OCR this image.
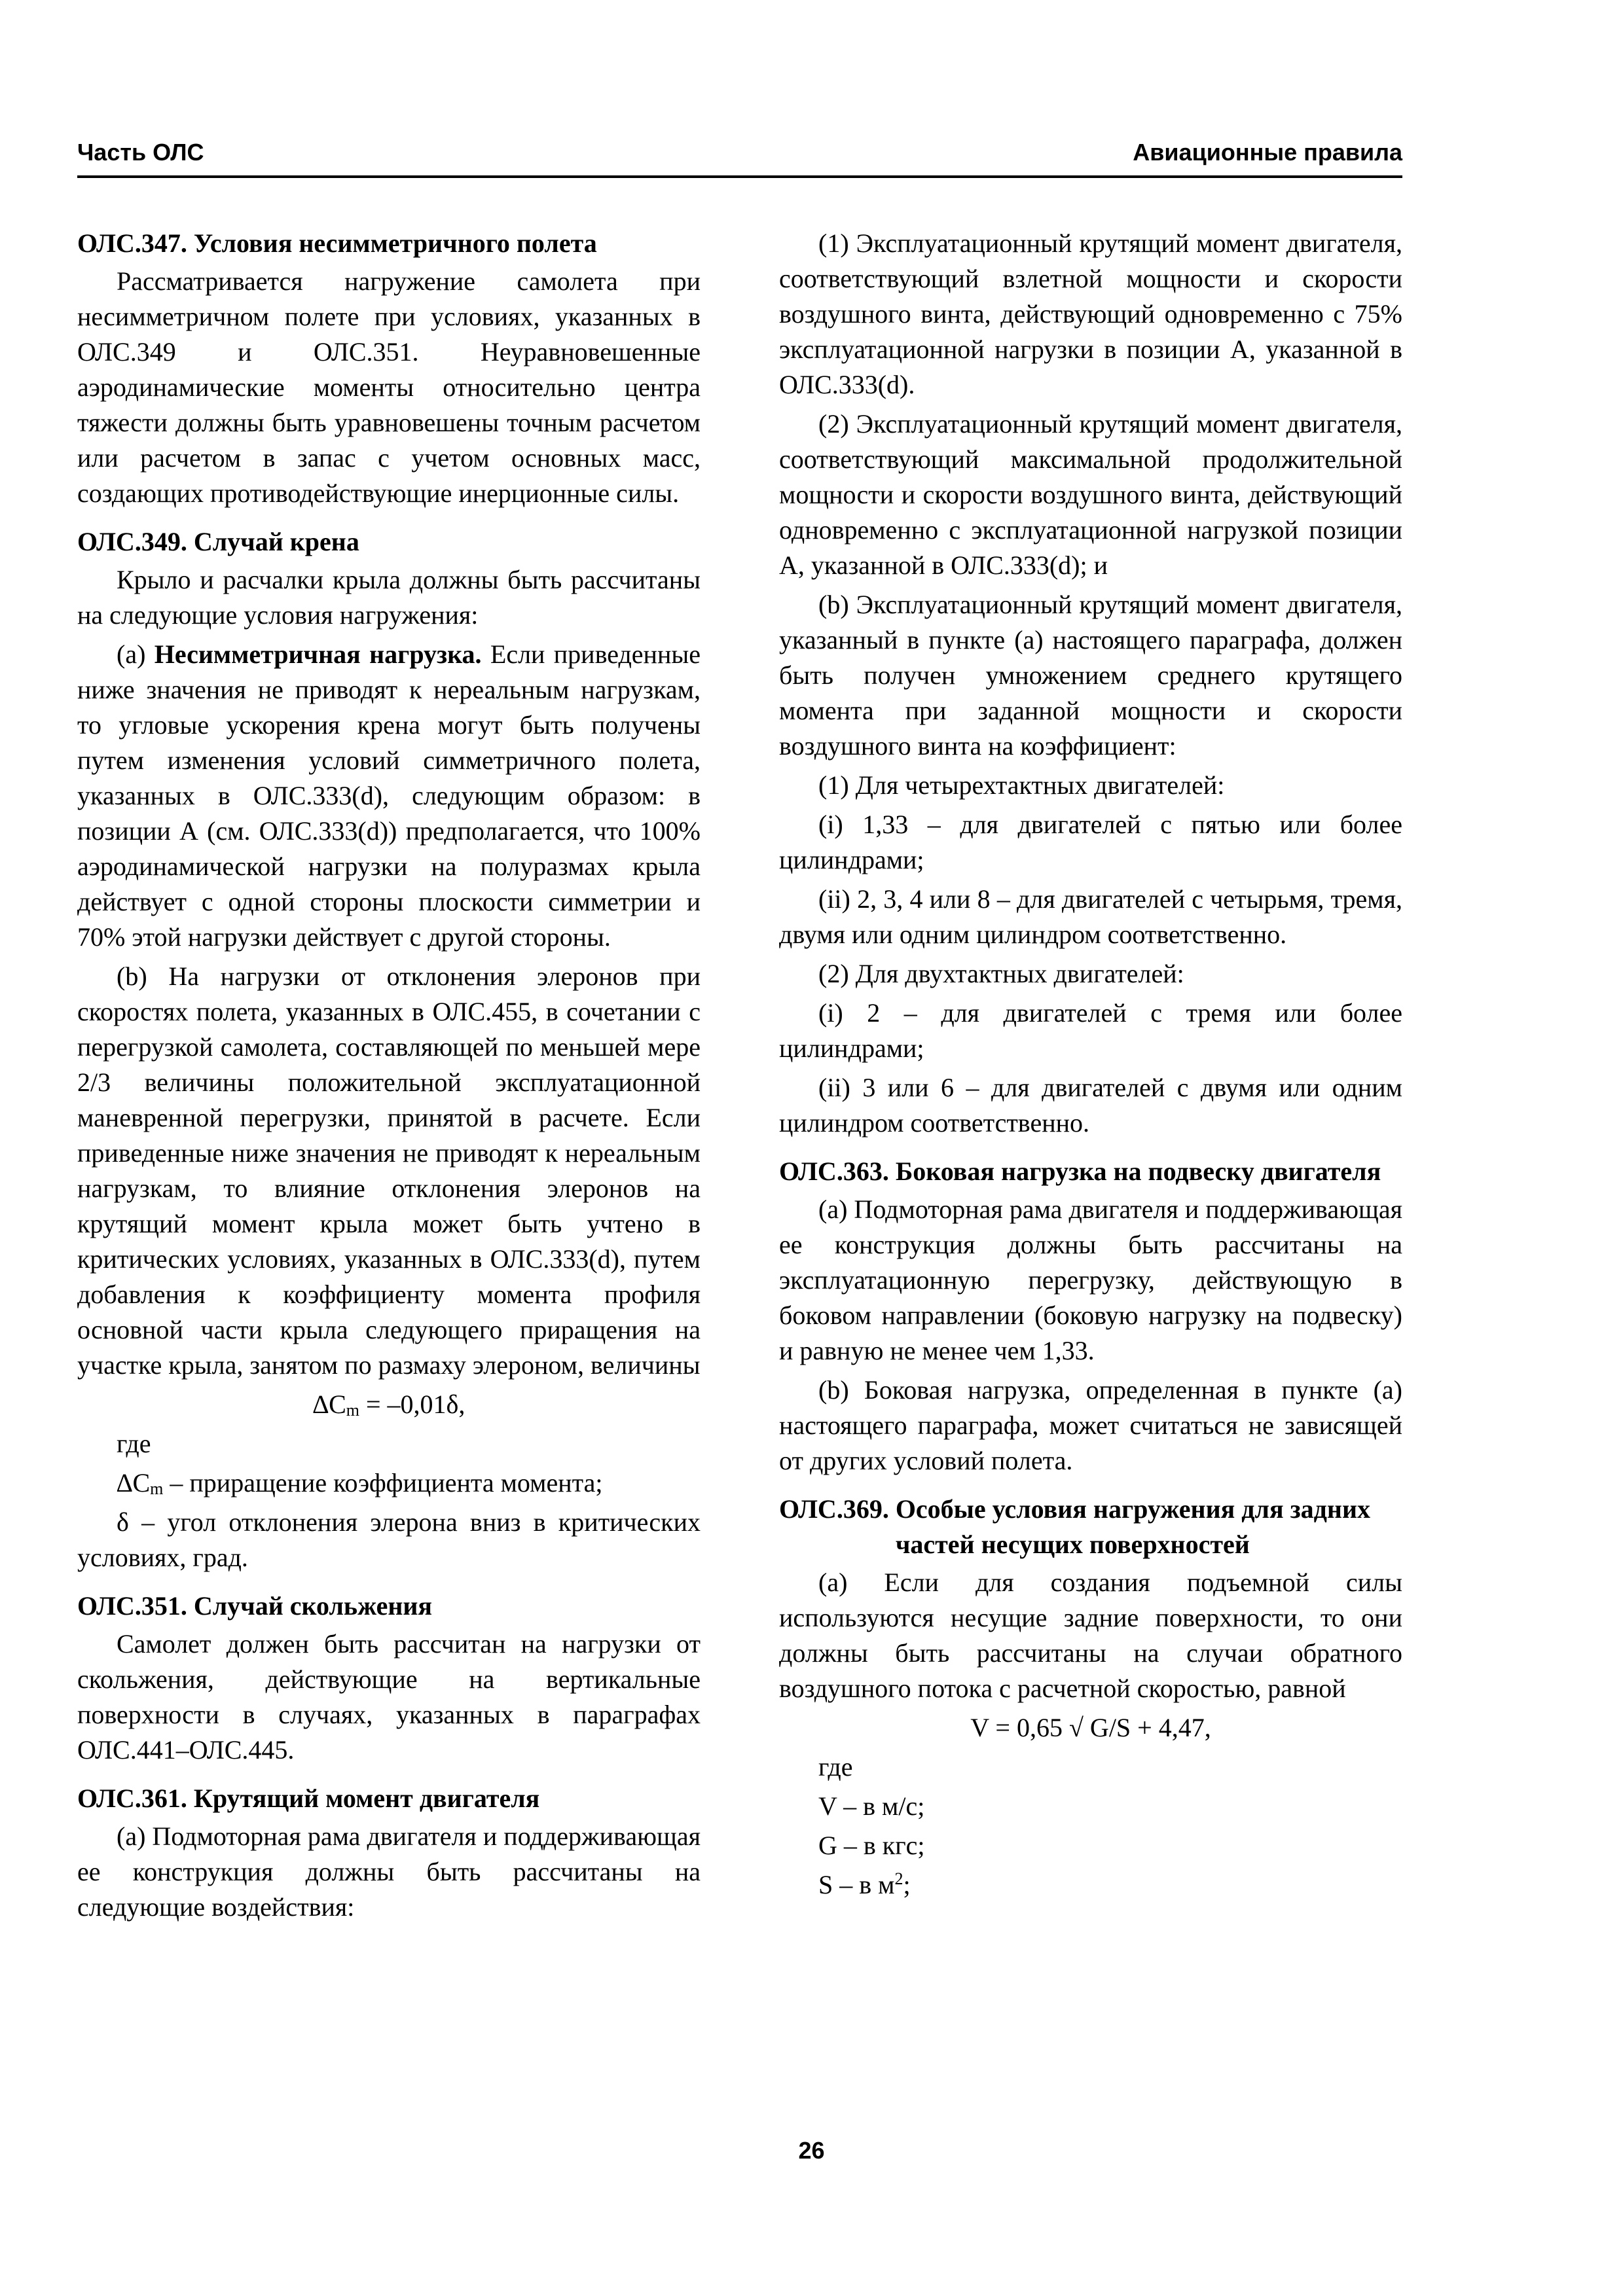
Часть ОЛС	Авиационные правила
ОЛС.347. Условия несимметричного полета

Рассматривается нагружение самолета при несимметричном полете при условиях, указанных в ОЛС.349 и ОЛС.351. Неуравновешенные аэродинамические моменты относительно центра тяжести должны быть уравновешены точным расчетом или расчетом в запас с учетом основных масс, создающих противодействующие инерционные силы.

ОЛС.349. Случай крена

Крыло и расчалки крыла должны быть рассчитаны на следующие условия нагружения:

(a) Несимметричная нагрузка. Если приведенные ниже значения не приводят к нереальным нагрузкам, то угловые ускорения крена могут быть получены путем изменения условий симметричного полета, указанных в ОЛС.333(d), следующим образом: в позиции А (см. ОЛС.333(d)) предполагается, что 100% аэродинамической нагрузки на полуразмах крыла действует с одной стороны плоскости симметрии и 70% этой нагрузки действует с другой стороны.

(b) На нагрузки от отклонения элеронов при скоростях полета, указанных в ОЛС.455, в сочетании с перегрузкой самолета, составляющей по меньшей мере 2/3 величины положительной эксплуатационной маневренной перегрузки, принятой в расчете. Если приведенные ниже значения не приводят к нереальным нагрузкам, то влияние отклонения элеронов на крутящий момент крыла может быть учтено в критических условиях, указанных в ОЛС.333(d), путем добавления к коэффициенту момента профиля основной части крыла следующего приращения на участке крыла, занятом по размаху элероном, величины

$\Delta C_m = -0,01\delta$,

где

$\Delta C_m$ – приращение коэффициента момента;

δ – угол отклонения элерона вниз в критических условиях, град.

ОЛС.351. Случай скольжения

Самолет должен быть рассчитан на нагрузки от скольжения, действующие на вертикальные поверхности в случаях, указанных в параграфах ОЛС.441–ОЛС.445.

ОЛС.361. Крутящий момент двигателя

(a) Подмоторная рама двигателя и поддерживающая ее конструкция должны быть рассчитаны на следующие воздействия:

(1) Эксплуатационный крутящий момент двигателя, соответствующий взлетной мощности и скорости воздушного винта, действующий одновременно с 75% эксплуатационной нагрузки в позиции А, указанной в ОЛС.333(d).

(2) Эксплуатационный крутящий момент двигателя, соответствующий максимальной продолжительной мощности и скорости воздушного винта, действующий одновременно с эксплуатационной нагрузкой позиции А, указанной в ОЛС.333(d); и

(b) Эксплуатационный крутящий момент двигателя, указанный в пункте (a) настоящего параграфа, должен быть получен умножением среднего крутящего момента при заданной мощности и скорости воздушного винта на коэффициент:

(1) Для четырехтактных двигателей:

(i) 1,33 – для двигателей с пятью или более цилиндрами;

(ii) 2, 3, 4 или 8 – для двигателей с четырьмя, тремя, двумя или одним цилиндром соответственно.

(2) Для двухтактных двигателей:

(i) 2 – для двигателей с тремя или более цилиндрами;

(ii) 3 или 6 – для двигателей с двумя или одним цилиндром соответственно.

ОЛС.363. Боковая нагрузка на подвеску двигателя

(a) Подмоторная рама двигателя и поддерживающая ее конструкция должны быть рассчитаны на эксплуатационную перегрузку, действующую в боковом направлении (боковую нагрузку на подвеску) и равную не менее чем 1,33.

(b) Боковая нагрузка, определенная в пункте (a) настоящего параграфа, может считаться не зависящей от других условий полета.

ОЛС.369. Особые условия нагружения для задних частей несущих поверхностей

(a) Если для создания подъемной силы используются несущие задние поверхности, то они должны быть рассчитаны на случаи обратного воздушного потока с расчетной скоростью, равной

V = 0,65 √ G/S + 4,47,

где

V – в м/с;

G – в кгс;

S – в $м^2$;

26
